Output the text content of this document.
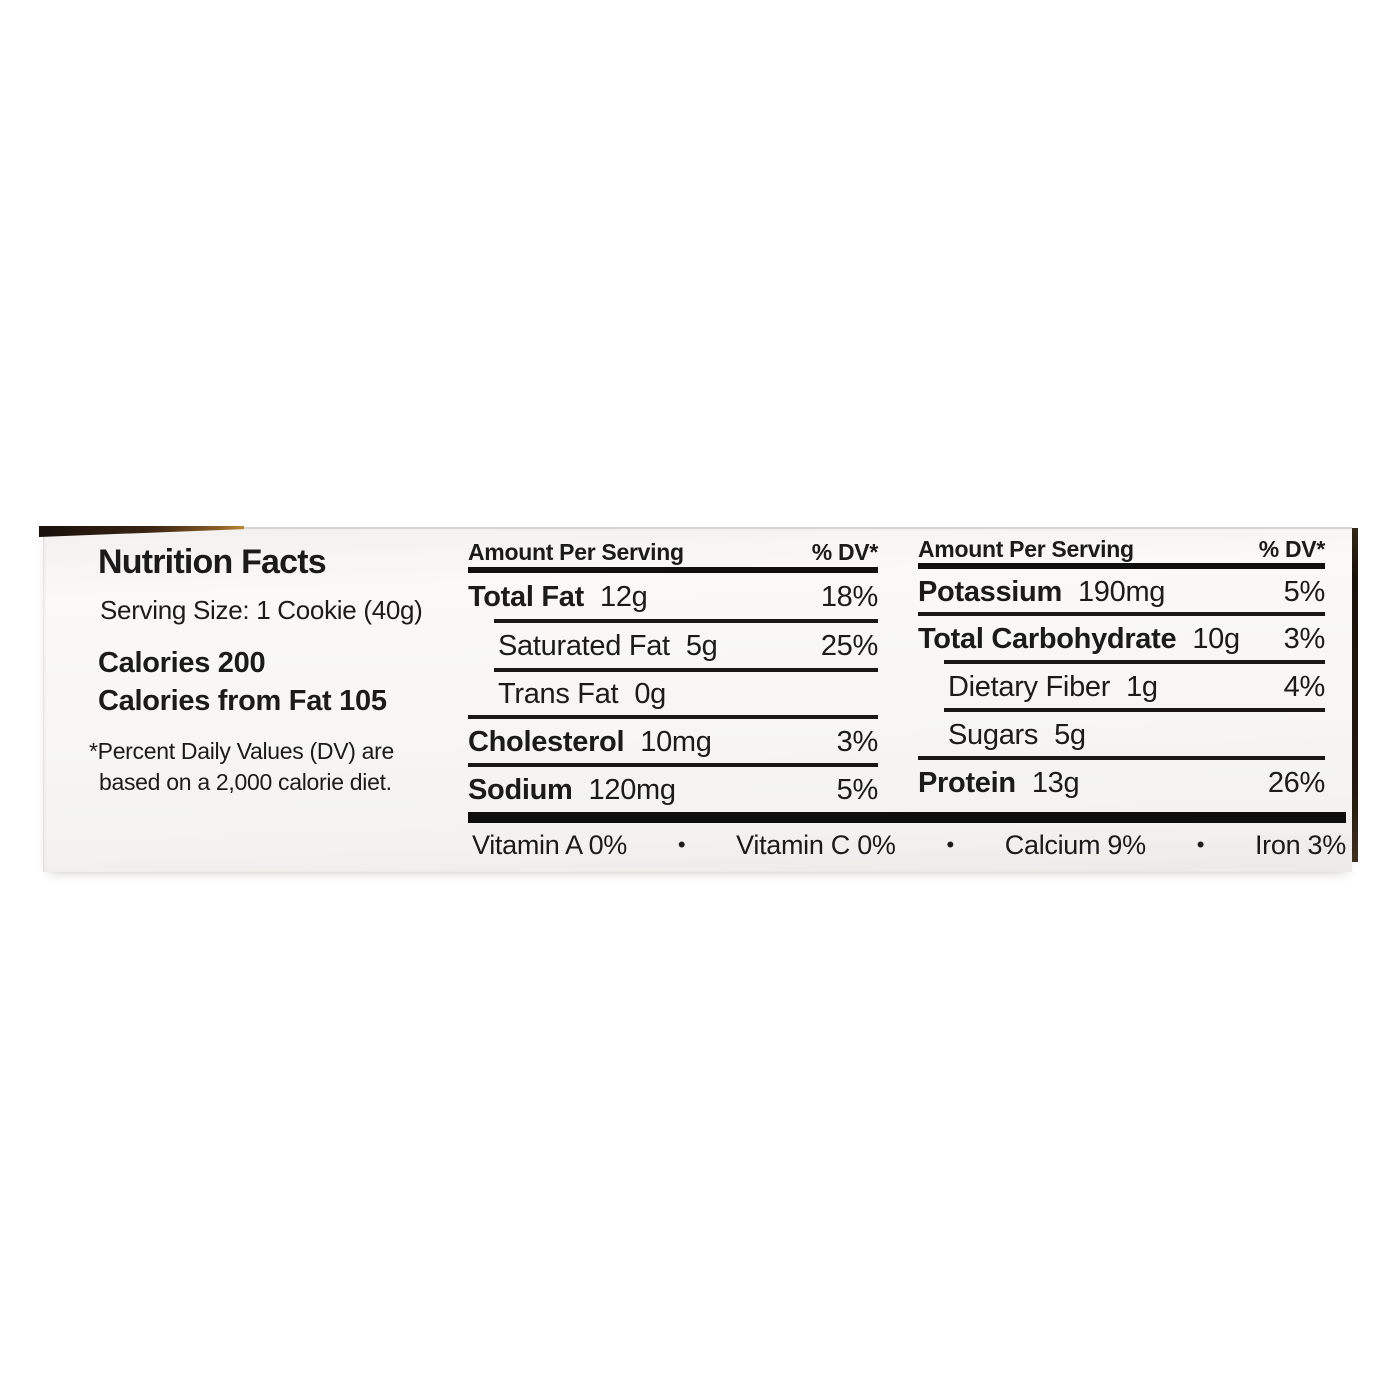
Nutrition Facts
Serving Size: 1 Cookie (40g)
Calories 200
Calories from Fat 105
*Percent Daily Values (DV) are
based on a 2,000 calorie diet.
Amount Per Serving	% DV*
Total Fat 12g	18%
Saturated Fat 5g	25%
Trans Fat 0g
Cholesterol 10mg	3%
Sodium 120mg	5%
Amount Per Serving	% DV*
Potassium 190mg	5%
Total Carbohydrate 10g 3%
Dietary Fiber 1g	4%
Sugars 5g
Protein 13g	26%
Vitamin A 0% • Vitamin C 0% • Calcium 9% • Iron 3%
